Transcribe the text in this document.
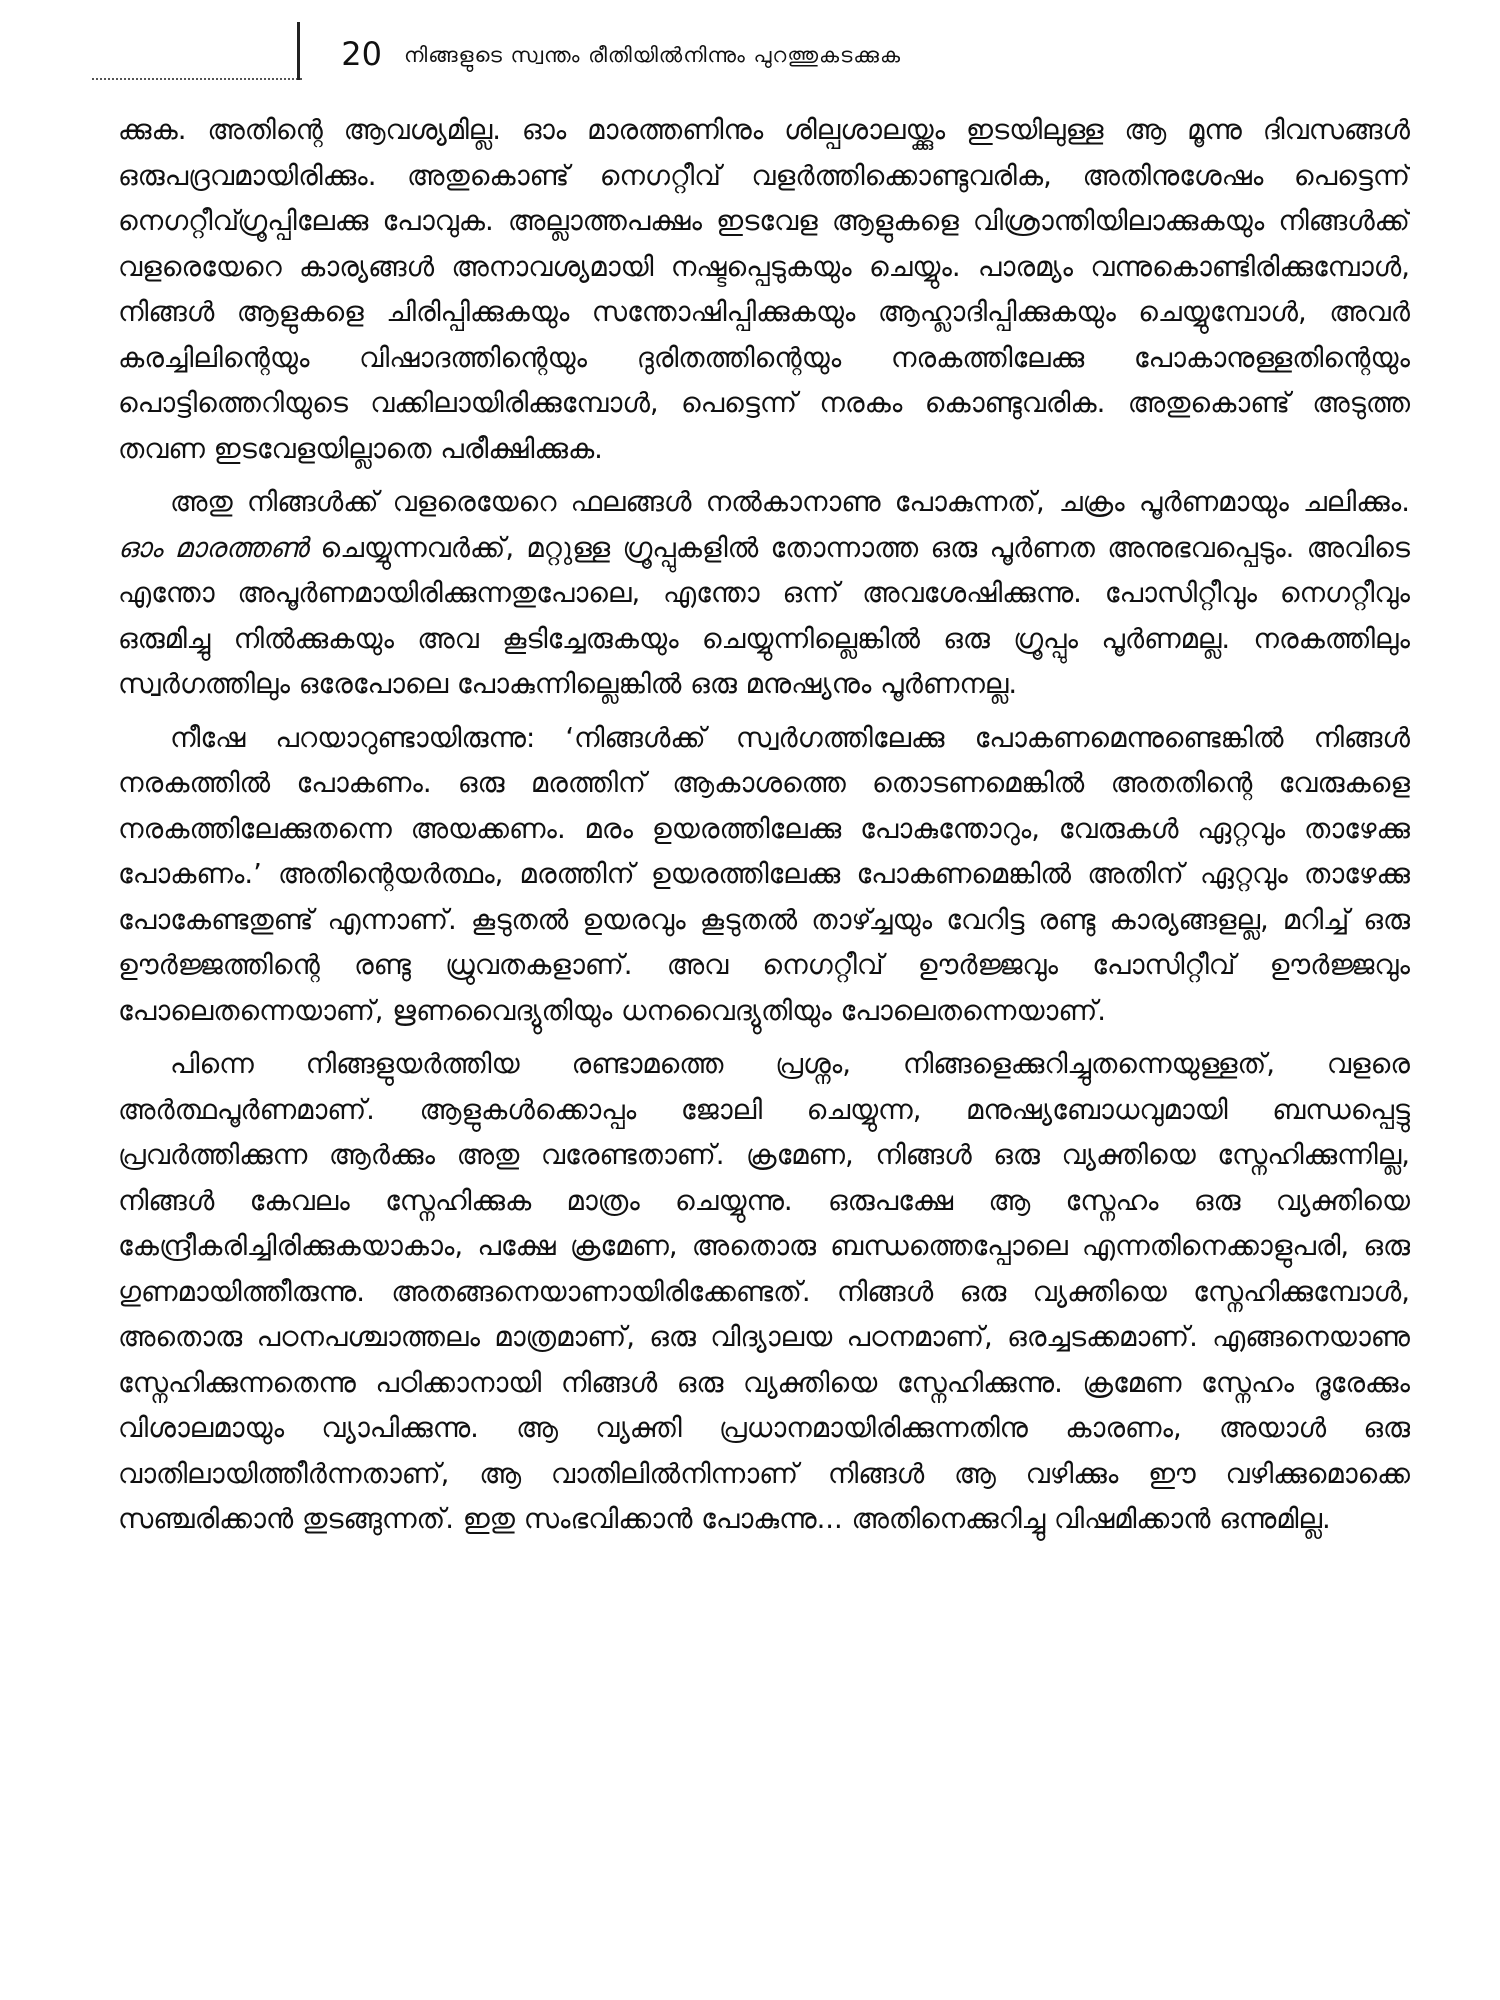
20 നിങ്ങളുടെ സ്വന്തം രീതിയിൽനിന്നും പുറത്തുകടക്കുക

ക്കുക. അതിന്റെ ആവശ്യമില്ല. ഓം മാരത്തണിനും ശില്പശാലയ്ക്കും ഇടയിലുള്ള ആ മൂന്നു ദിവസങ്ങൾ ഒരുപദ്രവമായിരിക്കും. അതുകൊണ്ട് നെഗറ്റീവ് വളർത്തിക്കൊണ്ടുവരിക, അതിനുശേഷം പെട്ടെന്ന് നെഗറ്റീവ്ഗ്രൂപ്പിലേക്കു പോവുക. അല്ലാത്തപക്ഷം ഇടവേള ആളുകളെ വിശ്രാന്തിയിലാക്കുകയും നിങ്ങൾക്ക് വളരെയേറെ കാര്യങ്ങൾ അനാവശ്യമായി നഷ്ടപ്പെടുകയും ചെയ്യും. പാരമ്യം വന്നുകൊണ്ടിരിക്കുമ്പോൾ, നിങ്ങൾ ആളുകളെ ചിരിപ്പിക്കുകയും സന്തോഷിപ്പിക്കുകയും ആഹ്ലാദിപ്പിക്കുകയും ചെയ്യുമ്പോൾ, അവർ കരച്ചിലിന്റെയും വിഷാദത്തിന്റെയും ദുരിതത്തിന്റെയും നരകത്തിലേക്കു പോകാനുള്ളതിന്റെയും പൊട്ടിത്തെറിയുടെ വക്കിലായിരിക്കുമ്പോൾ, പെട്ടെന്ന് നരകം കൊണ്ടുവരിക. അതുകൊണ്ട് അടുത്ത തവണ ഇടവേളയില്ലാതെ പരീക്ഷിക്കുക.

അതു നിങ്ങൾക്ക് വളരെയേറെ ഫലങ്ങൾ നൽകാനാണു പോകുന്നത്, ചക്രം പൂർണമായും ചലിക്കും. ഓം മാരത്തൺ ചെയ്യുന്നവർക്ക്, മറ്റുള്ള ഗ്രൂപ്പുകളിൽ തോന്നാത്ത ഒരു പൂർണത അനുഭവപ്പെടും. അവിടെ എന്തോ അപൂർണമായിരിക്കുന്നതുപോലെ, എന്തോ ഒന്ന് അവശേഷിക്കുന്നു. പോസിറ്റീവും നെഗറ്റീവും ഒരുമിച്ചു നിൽക്കുകയും അവ കൂടിച്ചേരുകയും ചെയ്യുന്നില്ലെങ്കിൽ ഒരു ഗ്രൂപ്പും പൂർണമല്ല. നരകത്തിലും സ്വർഗത്തിലും ഒരേപോലെ പോകുന്നില്ലെങ്കിൽ ഒരു മനുഷ്യനും പൂർണനല്ല.

നീഷേ പറയാറുണ്ടായിരുന്നു: ‘നിങ്ങൾക്ക് സ്വർഗത്തിലേക്കു പോകണമെന്നുണ്ടെങ്കിൽ നിങ്ങൾ നരകത്തിൽ പോകണം. ഒരു മരത്തിന് ആകാശത്തെ തൊടണമെങ്കിൽ അതതിന്റെ വേരുകളെ നരകത്തിലേക്കുതന്നെ അയക്കണം. മരം ഉയരത്തിലേക്കു പോകുന്തോറും, വേരുകൾ ഏറ്റവും താഴേക്കു പോകണം.’ അതിന്റെയർത്ഥം, മരത്തിന് ഉയരത്തിലേക്കു പോകണമെങ്കിൽ അതിന് ഏറ്റവും താഴേക്കു പോകേണ്ടതുണ്ട് എന്നാണ്. കൂടുതൽ ഉയരവും കൂടുതൽ താഴ്ച്ചയും വേറിട്ട രണ്ടു കാര്യങ്ങളല്ല, മറിച്ച് ഒരു ഊർജ്ജത്തിന്റെ രണ്ടു ധ്രുവതകളാണ്. അവ നെഗറ്റീവ് ഊർജ്ജവും പോസിറ്റീവ് ഊർജ്ജവും പോലെതന്നെയാണ്, ഋണവൈദ്യുതിയും ധനവൈദ്യുതിയും പോലെതന്നെയാണ്.

പിന്നെ നിങ്ങളുയർത്തിയ രണ്ടാമത്തെ പ്രശ്നം, നിങ്ങളെക്കുറിച്ചുതന്നെയുള്ളത്, വളരെ അർത്ഥപൂർണമാണ്. ആളുകൾക്കൊപ്പം ജോലി ചെയ്യുന്ന, മനുഷ്യബോധവുമായി ബന്ധപ്പെട്ടു പ്രവർത്തിക്കുന്ന ആർക്കും അതു വരേണ്ടതാണ്. ക്രമേണ, നിങ്ങൾ ഒരു വ്യക്തിയെ സ്നേഹിക്കുന്നില്ല, നിങ്ങൾ കേവലം സ്നേഹിക്കുക മാത്രം ചെയ്യുന്നു. ഒരുപക്ഷേ ആ സ്നേഹം ഒരു വ്യക്തിയെ കേന്ദ്രീകരിച്ചിരിക്കുകയാകാം, പക്ഷേ ക്രമേണ, അതൊരു ബന്ധത്തെപ്പോലെ എന്നതിനെക്കാളുപരി, ഒരു ഗുണമായിത്തീരുന്നു. അതങ്ങനെയാണായിരിക്കേണ്ടത്. നിങ്ങൾ ഒരു വ്യക്തിയെ സ്നേഹിക്കുമ്പോൾ, അതൊരു പഠനപശ്ചാത്തലം മാത്രമാണ്, ഒരു വിദ്യാലയ പഠനമാണ്, ഒരച്ചടക്കമാണ്. എങ്ങനെയാണു സ്നേഹിക്കുന്നതെന്നു പഠിക്കാനായി നിങ്ങൾ ഒരു വ്യക്തിയെ സ്നേഹിക്കുന്നു. ക്രമേണ സ്നേഹം ദൂരേക്കും വിശാലമായും വ്യാപിക്കുന്നു. ആ വ്യക്തി പ്രധാനമായിരിക്കുന്നതിനു കാരണം, അയാൾ ഒരു വാതിലായിത്തീർന്നതാണ്, ആ വാതിലിൽനിന്നാണ് നിങ്ങൾ ആ വഴിക്കും ഈ വഴിക്കുമൊക്കെ സഞ്ചരിക്കാൻ തുടങ്ങുന്നത്. ഇതു സംഭവിക്കാൻ പോകുന്നു... അതിനെക്കുറിച്ചു വിഷമിക്കാൻ ഒന്നുമില്ല.
